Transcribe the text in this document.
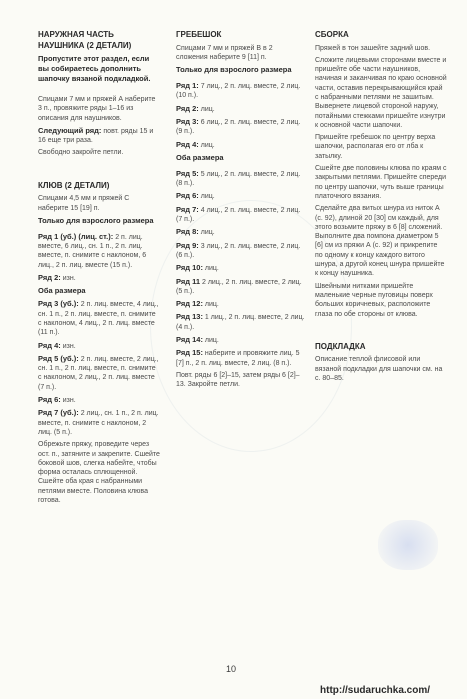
НАРУЖНАЯ ЧАСТЬ НАУШНИКА (2 ДЕТАЛИ)

Пропустите этот раздел, если вы собираетесь дополнить шапочку вязаной подкладкой.

Спицами 7 мм и пряжей А наберите 3 п., провяжите ряды 1–16 из описания для наушников.

Следующий ряд: повт. ряды 15 и 16 еще три раза.

Свободно закройте петли.

КЛЮВ (2 ДЕТАЛИ)

Спицами 4,5 мм и пряжей С наберите 15 [19] п.

Только для взрослого размера

Ряд 1 (уб.) (лиц. ст.): 2 п. лиц. вместе, 6 лиц., сн. 1 п., 2 п. лиц. вместе, п. снимите с наклоном, 6 лиц., 2 п. лиц. вместе (15 п.).

Ряд 2: изн.

Оба размера

Ряд 3 (уб.): 2 п. лиц. вместе, 4 лиц., сн. 1 п., 2 п. лиц. вместе, п. снимите с наклоном, 4 лиц., 2 п. лиц. вместе (11 п.).

Ряд 4: изн.

Ряд 5 (уб.): 2 п. лиц. вместе, 2 лиц., сн. 1 п., 2 п. лиц. вместе, п. снимите с наклоном, 2 лиц., 2 п. лиц. вместе (7 п.).

Ряд 6: изн.

Ряд 7 (уб.): 2 лиц., сн. 1 п., 2 п. лиц. вместе, п. снимите с наклоном, 2 лиц. (5 п.).

Обрежьте пряжу, проведите через ост. п., затяните и закрепите. Сшейте боковой шов, слегка набейте, чтобы форма осталась сплющенной. Сшейте оба края с набранными петлями вместе. Половина клюва готова.

ГРЕБЕШОК

Спицами 7 мм и пряжей В в 2 сложения наберите 9 [11] п.

Только для взрослого размера

Ряд 1: 7 лиц., 2 п. лиц. вместе, 2 лиц. (10 п.).

Ряд 2: лиц.

Ряд 3: 6 лиц., 2 п. лиц. вместе, 2 лиц. (9 п.).

Ряд 4: лиц.

Оба размера

Ряд 5: 5 лиц., 2 п. лиц. вместе, 2 лиц. (8 п.).

Ряд 6: лиц.

Ряд 7: 4 лиц., 2 п. лиц. вместе, 2 лиц. (7 п.).

Ряд 8: лиц.

Ряд 9: 3 лиц., 2 п. лиц. вместе, 2 лиц. (6 п.).

Ряд 10: лиц.

Ряд 11 2 лиц., 2 п. лиц. вместе, 2 лиц. (5 п.).

Ряд 12: лиц.

Ряд 13: 1 лиц., 2 п. лиц. вместе, 2 лиц. (4 п.).

Ряд 14: лиц.

Ряд 15: наберите и провяжите лиц. 5 [7] п., 2 п. лиц. вместе, 2 лиц. (8 п.).

Повт. ряды 6 [2]–15, затем ряды 6 [2]–13. Закройте петли.

СБОРКА

Пряжей в тон зашейте задний шов.

Сложите лицевыми сторонами вместе и пришейте обе части наушников, начиная и заканчивая по краю основной части, оставив перекрывающийся край с набранными петлями не зашитым. Вывернете лицевой стороной наружу, потайными стежками пришейте изнутри к основной части шапочки.

Пришейте гребешок по центру верха шапочки, располагая его от лба к затылку.

Сшейте две половины клюва по краям с закрытыми петлями. Пришейте спереди по центру шапочки, чуть выше границы платочного вязания.

Сделайте два витых шнура из ниток А (с. 92), длиной 20 [30] см каждый, для этого возьмите пряжу в 6 [8] сложений. Выполните два помпона диаметром 5 [6] см из пряжи А (с. 92) и прикрепите по одному к концу каждого витого шнура, а другой конец шнура пришейте к концу наушника.

Швейными нитками пришейте маленькие черные пуговицы поверх больших коричневых, расположите глаза по обе стороны от клюва.

ПОДКЛАДКА

Описание теплой флисовой или вязаной подкладки для шапочки см. на с. 80–85.

10
http://sudaruchka.com/
